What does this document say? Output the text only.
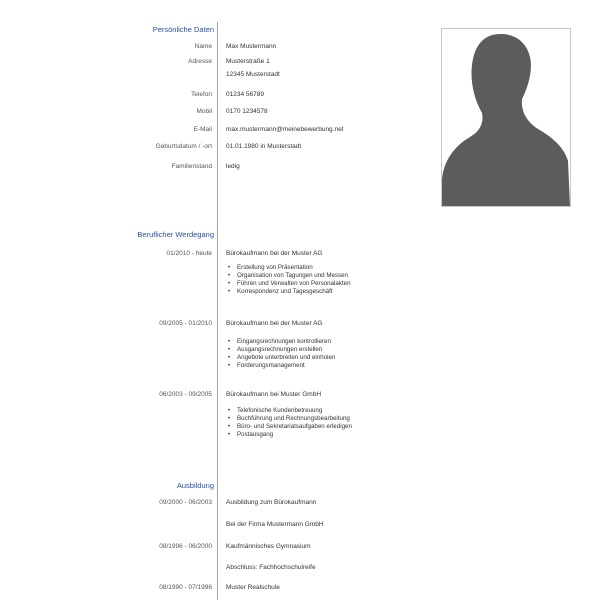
Persönliche Daten
Name Max Mustermann
Adresse Musterstraße 1
12345 Musterstadt
Telefon 01234 56789
Mobil 0170 1234578
E-Mail max.mustermann@meinebewerbung.net
Geburtsdatum / -ort 01.01.1980 in Musterstadt
Familienstand ledig
Beruflicher Werdegang
01/2010 - heute Bürokaufmann bei der Muster AG
• Erstellung von Präsentation
• Organisation von Tagungen und Messen
• Führen und Verwalten von Personalakten
• Korrespondenz und Tagesgeschäft
09/2005 - 01/2010 Bürokaufmann bei der Muster AG
• Eingangsrechnungen kontrollieren
• Ausgangsrechnungen erstellen
• Angebote unterbreiten und einholen
• Forderungsmanagement
06/2003 - 09/2005 Bürokaufmann bei Muster GmbH
• Telefonische Kundenbetreuung
• Buchführung und Rechnungsbearbeitung
• Büro- und Sekretariatsaufgaben erledigen
• Postausgang
Ausbildung
09/2000 - 06/2003 Ausbildung zum Bürokaufmann
Bei der Firma Mustermann GmbH
08/1996 - 06/2000 Kaufmännisches Gymnasium
Abschluss: Fachhochschulreife
08/1990 - 07/1996 Muster Realschule
